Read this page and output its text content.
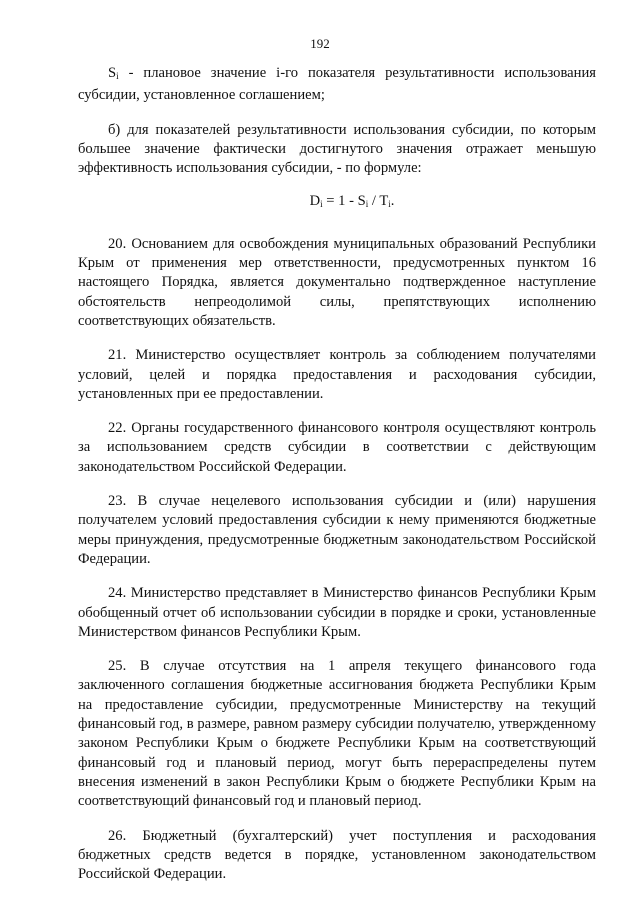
192

$S_i$ - плановое значение i-го показателя результативности использования субсидии, установленное соглашением;

б) для показателей результативности использования субсидии, по которым большее значение фактически достигнутого значения отражает меньшую эффективность использования субсидии, - по формуле:

$D_i = 1 - S_i / T_i$.

20. Основанием для освобождения муниципальных образований Республики Крым от применения мер ответственности, предусмотренных пунктом 16 настоящего Порядка, является документально подтвержденное наступление обстоятельств непреодолимой силы, препятствующих исполнению соответствующих обязательств.

21. Министерство осуществляет контроль за соблюдением получателями условий, целей и порядка предоставления и расходования субсидии, установленных при ее предоставлении.

22. Органы государственного финансового контроля осуществляют контроль за использованием средств субсидии в соответствии с действующим законодательством Российской Федерации.

23. В случае нецелевого использования субсидии и (или) нарушения получателем условий предоставления субсидии к нему применяются бюджетные меры принуждения, предусмотренные бюджетным законодательством Российской Федерации.

24. Министерство представляет в Министерство финансов Республики Крым обобщенный отчет об использовании субсидии в порядке и сроки, установленные Министерством финансов Республики Крым.

25. В случае отсутствия на 1 апреля текущего финансового года заключенного соглашения бюджетные ассигнования бюджета Республики Крым на предоставление субсидии, предусмотренные Министерству на текущий финансовый год, в размере, равном размеру субсидии получателю, утвержденному законом Республики Крым о бюджете Республики Крым на соответствующий финансовый год и плановый период, могут быть перераспределены путем внесения изменений в закон Республики Крым о бюджете Республики Крым на соответствующий финансовый год и плановый период.

26. Бюджетный (бухгалтерский) учет поступления и расходования бюджетных средств ведется в порядке, установленном законодательством Российской Федерации.
